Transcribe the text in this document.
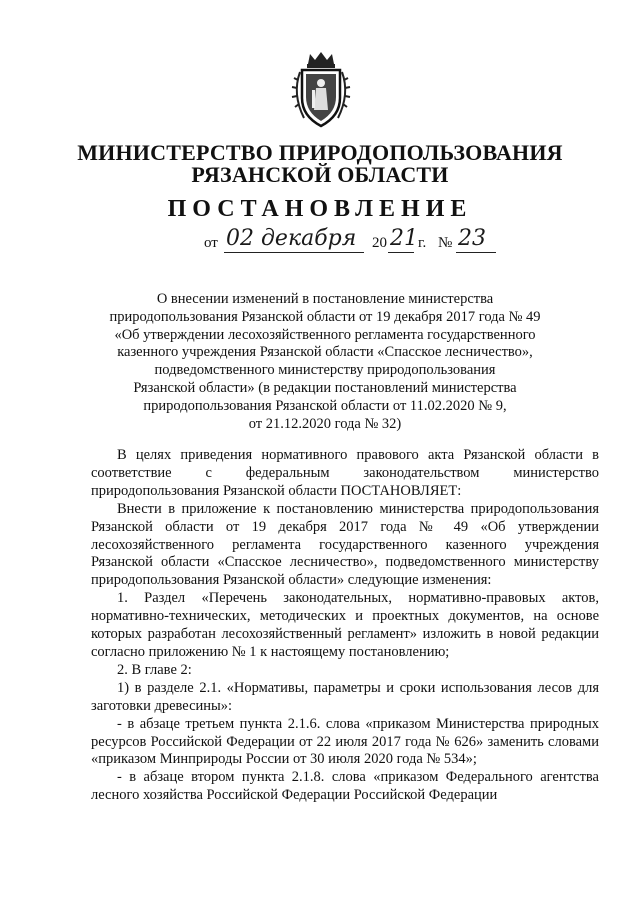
МИНИСТЕРСТВО ПРИРОДОПОЛЬЗОВАНИЯ
РЯЗАНСКОЙ ОБЛАСТИ
ПОСТАНОВЛЕНИЕ
от 02 декабря 20 21 г. № 23
О внесении изменений в постановление министерства
природопользования Рязанской области от 19 декабря 2017 года № 49
«Об утверждении лесохозяйственного регламента государственного
казенного учреждения Рязанской области «Спасское лесничество»,
подведомственного министерству природопользования
Рязанской области» (в редакции постановлений министерства
природопользования Рязанской области от 11.02.2020 № 9,
от 21.12.2020 года № 32)

В целях приведения нормативного правового акта Рязанской области в соответствие с федеральным законодательством министерство природопользования Рязанской области ПОСТАНОВЛЯЕТ:

Внести в приложение к постановлению министерства природопользования Рязанской области от 19 декабря 2017 года № 49 «Об утверждении лесохозяйственного регламента государственного казенного учреждения Рязанской области «Спасское лесничество», подведомственного министерству природопользования Рязанской области» следующие изменения:

1. Раздел «Перечень законодательных, нормативно-правовых актов, нормативно-технических, методических и проектных документов, на основе которых разработан лесохозяйственный регламент» изложить в новой редакции согласно приложению № 1 к настоящему постановлению;

2. В главе 2:

1) в разделе 2.1. «Нормативы, параметры и сроки использования лесов для заготовки древесины»:

- в абзаце третьем пункта 2.1.6. слова «приказом Министерства природных ресурсов Российской Федерации от 22 июля 2017 года № 626» заменить словами «приказом Минприроды России от 30 июля 2020 года № 534»;

- в абзаце втором пункта 2.1.8. слова «приказом Федерального агентства лесного хозяйства Российской Федерации Российской Федерации
